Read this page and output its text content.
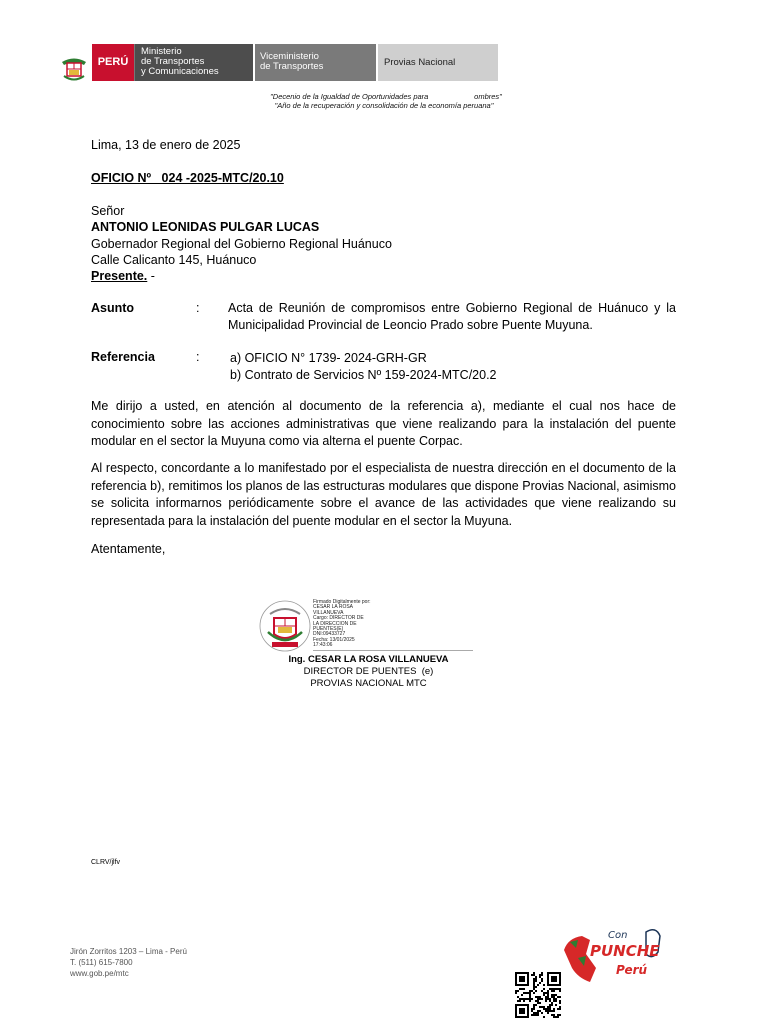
PERÚ
Ministerio
de Transportes
y Comunicaciones
Viceministerio
de Transportes	Provias Nacional
"Decenio de la Igualdad de Oportunidades para                      ombres"
"Año de la recuperación y consolidación de la economía peruana"
Lima, 13 de enero de 2025
OFICIO Nº   024 -2025-MTC/20.10
Señor
ANTONIO LEONIDAS PULGAR LUCAS
Gobernador Regional del Gobierno Regional Huánuco
Calle Calicanto 145, Huánuco
Presente. -
Asunto	: Acta de Reunión de compromisos entre Gobierno Regional de Huánuco y la Municipalidad Provincial de Leoncio Prado sobre Puente Muyuna.
Referencia	: a) OFICIO N° 1739- 2024-GRH-GR
b) Contrato de Servicios Nº 159-2024-MTC/20.2
Me dirijo a usted, en atención al documento de la referencia a), mediante el cual nos hace de conocimiento sobre las acciones administrativas que viene realizando para la instalación del puente modular en el sector la Muyuna como via alterna el puente Corpac.
Al respecto, concordante a lo manifestado por el especialista de nuestra dirección en el documento de la referencia b), remitimos los planos de las estructuras modulares que dispone Provias Nacional, asimismo se solicita informarnos periódicamente sobre el avance de las actividades que viene realizando su representada para la instalación del puente modular en el sector la Muyuna.
Atentamente,
Firmado Digitalmente por:
CESAR LA ROSA
VILLANUEVA
Cargo: DIRECTOR DE
LA DIRECCION DE
PUENTES(E)
DNI:09433727
Fecha: 13/01/2025
17:43:06
Ing. CESAR LA ROSA VILLANUEVA
DIRECTOR DE PUENTES  (e)
PROVIAS NACIONAL MTC
CLRV/jlfv
Jirón Zorritos 1203 – Lima - Perú
T. (511) 615-7800
www.gob.pe/mtc
Con
PUNCHE
Perú
